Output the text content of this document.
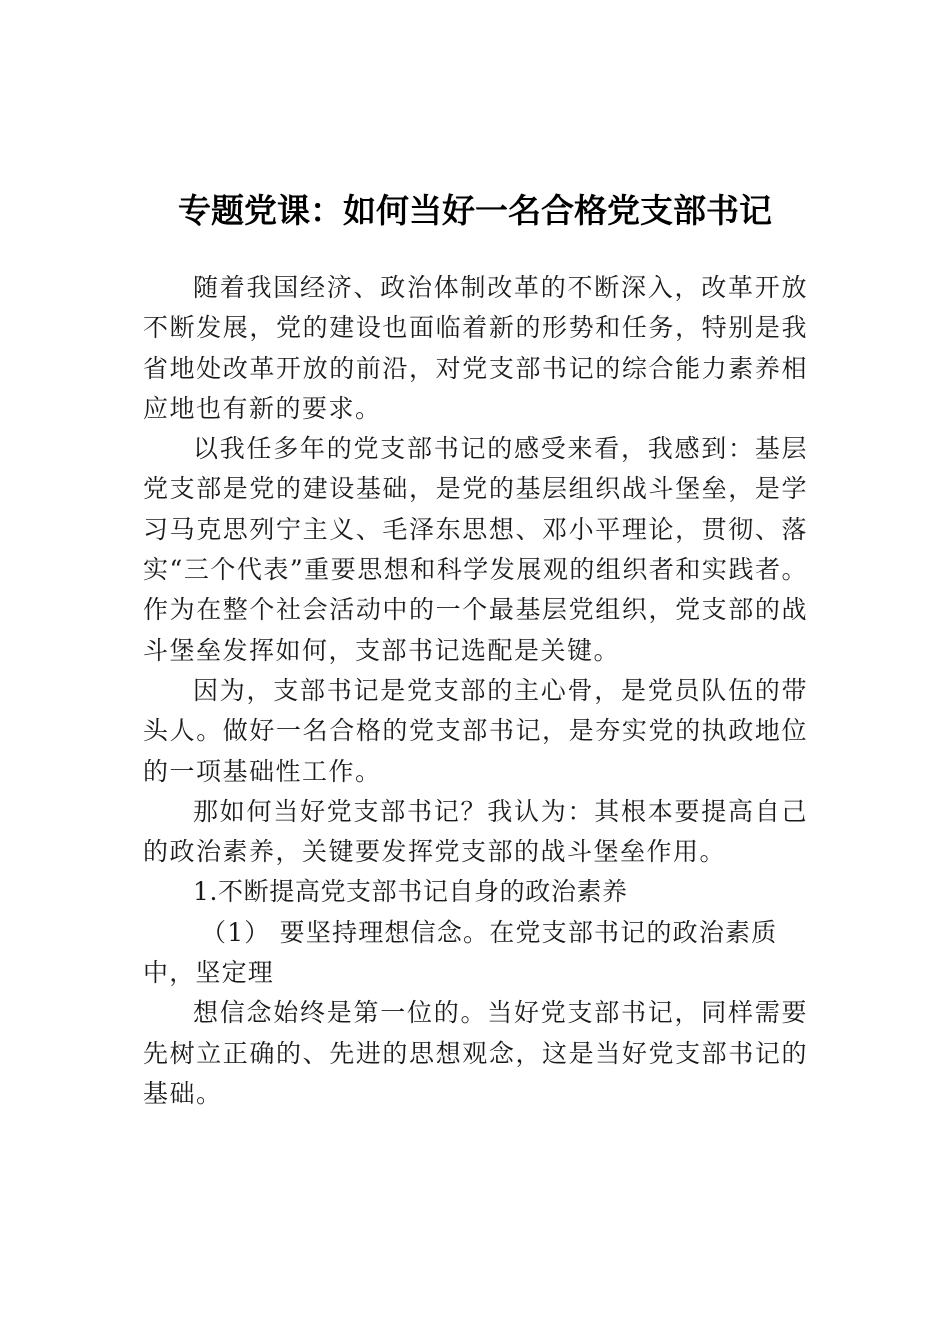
专题党课：如何当好一名合格党支部书记

随着我国经济、政治体制改革的不断深入，改革开放不断发展，党的建设也面临着新的形势和任务，特别是我省地处改革开放的前沿，对党支部书记的综合能力素养相应地也有新的要求。

以我任多年的党支部书记的感受来看，我感到：基层党支部是党的建设基础，是党的基层组织战斗堡垒，是学习马克思列宁主义、毛泽东思想、邓小平理论，贯彻、落实“三个代表”重要思想和科学发展观的组织者和实践者。作为在整个社会活动中的一个最基层党组织，党支部的战斗堡垒发挥如何，支部书记选配是关键。

因为，支部书记是党支部的主心骨，是党员队伍的带头人。做好一名合格的党支部书记，是夯实党的执政地位的一项基础性工作。

那如何当好党支部书记？我认为：其根本要提高自己的政治素养，关键要发挥党支部的战斗堡垒作用。

1.不断提高党支部书记自身的政治素养

（1） 要坚持理想信念。在党支部书记的政治素质中，坚定理

想信念始终是第一位的。当好党支部书记，同样需要先树立正确的、先进的思想观念，这是当好党支部书记的基础。
